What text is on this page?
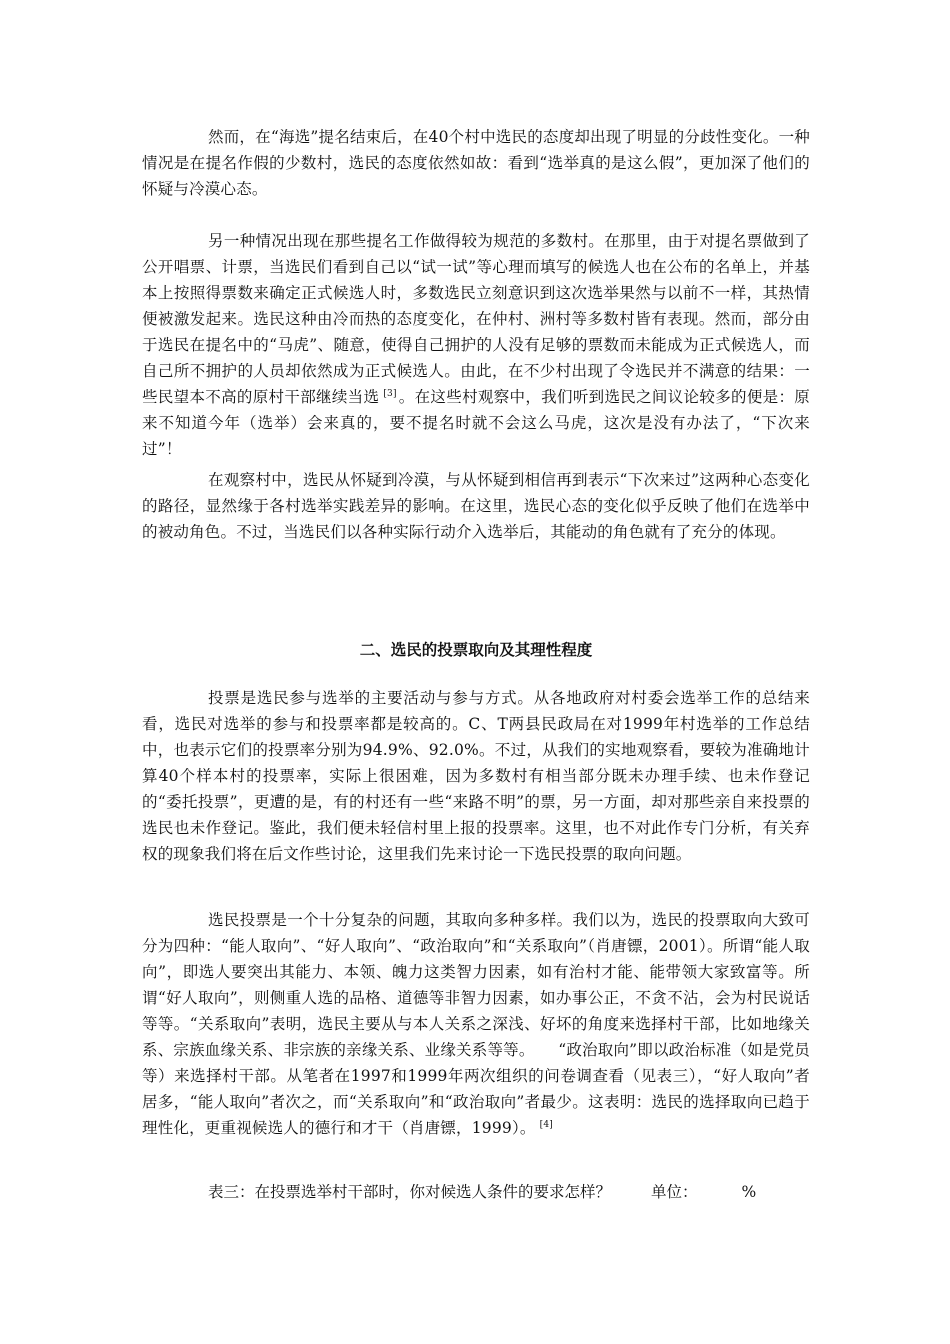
然而，在“海选”提名结束后，在40个村中选民的态度却出现了明显的分歧性变化。一种情况是在提名作假的少数村，选民的态度依然如故：看到“选举真的是这么假”，更加深了他们的怀疑与冷漠心态。

另一种情况出现在那些提名工作做得较为规范的多数村。在那里，由于对提名票做到了公开唱票、计票，当选民们看到自己以“试一试”等心理而填写的候选人也在公布的名单上，并基本上按照得票数来确定正式候选人时，多数选民立刻意识到这次选举果然与以前不一样，其热情便被激发起来。选民这种由冷而热的态度变化，在仲村、洲村等多数村皆有表现。然而，部分由于选民在提名中的“马虎”、随意，使得自己拥护的人没有足够的票数而未能成为正式候选人，而自己所不拥护的人员却依然成为正式候选人。由此，在不少村出现了令选民并不满意的结果：一些民望本不高的原村干部继续当选 [3] 。在这些村观察中，我们听到选民之间议论较多的便是：原来不知道今年（选举）会来真的，要不提名时就不会这么马虎，这次是没有办法了，“下次来过”！

在观察村中，选民从怀疑到冷漠，与从怀疑到相信再到表示“下次来过”这两种心态变化的路径，显然缘于各村选举实践差异的影响。在这里，选民心态的变化似乎反映了他们在选举中的被动角色。不过，当选民们以各种实际行动介入选举后，其能动的角色就有了充分的体现。

二、选民的投票取向及其理性程度

投票是选民参与选举的主要活动与参与方式。从各地政府对村委会选举工作的总结来看，选民对选举的参与和投票率都是较高的。C、T两县民政局在对1999年村选举的工作总结中，也表示它们的投票率分别为94.9%、92.0%。不过，从我们的实地观察看，要较为准确地计算40个样本村的投票率，实际上很困难，因为多数村有相当部分既未办理手续、也未作登记的“委托投票”，更遭的是，有的村还有一些“来路不明”的票，另一方面，却对那些亲自来投票的选民也未作登记。鉴此，我们便未轻信村里上报的投票率。这里，也不对此作专门分析，有关弃权的现象我们将在后文作些讨论，这里我们先来讨论一下选民投票的取向问题。

选民投票是一个十分复杂的问题，其取向多种多样。我们以为，选民的投票取向大致可分为四种：“能人取向”、“好人取向”、“政治取向”和“关系取向”（肖唐镖，2001）。所谓“能人取向”，即选人要突出其能力、本领、魄力这类智力因素，如有治村才能、能带领大家致富等。所谓“好人取向”，则侧重人选的品格、道德等非智力因素，如办事公正，不贪不沾，会为村民说话等等。“关系取向”表明，选民主要从与本人关系之深浅、好坏的角度来选择村干部，比如地缘关系、宗族血缘关系、非宗族的亲缘关系、业缘关系等等。　　“政治取向”即以政治标准（如是党员等）来选择村干部。从笔者在1997和1999年两次组织的问卷调查看（见表三），“好人取向”者居多，“能人取向”者次之，而“关系取向”和“政治取向”者最少。这表明：选民的选择取向已趋于理性化，更重视候选人的德行和才干（肖唐镖，1999）。 [4]

表三：在投票选举村干部时，你对候选人条件的要求怎样？	单位：	%
